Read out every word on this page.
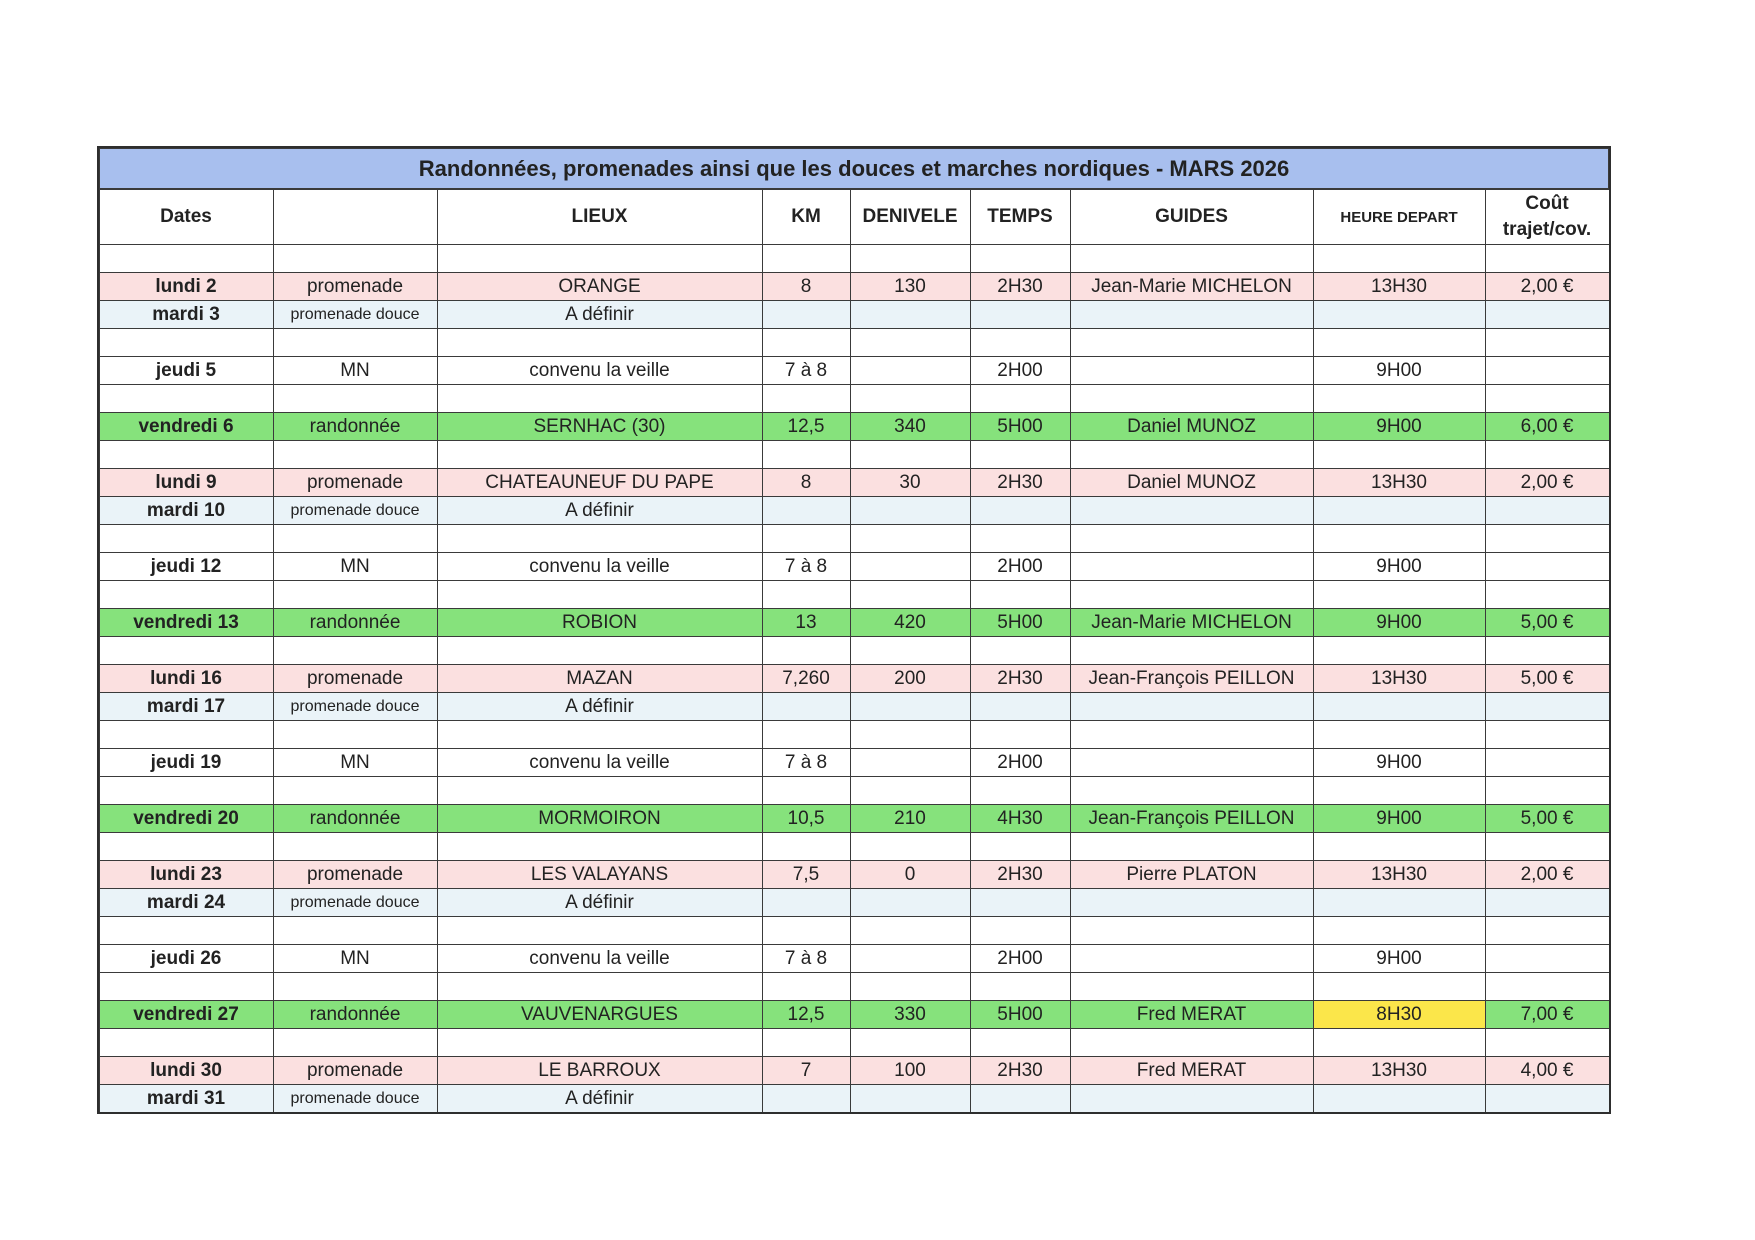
Randonnées, promenades ainsi que les douces et marches nordiques - MARS 2026								
Dates		LIEUX	KM	DENIVELE	TEMPS	GUIDES	HEURE DEPART	Coût
trajet/cov.

lundi 2	promenade	ORANGE	8	130	2H30	Jean-Marie MICHELON	13H30	2,00 €
mardi 3	promenade douce	A définir						

jeudi 5	MN	convenu la veille	7 à 8		2H00		9H00	

vendredi 6	randonnée	SERNHAC (30)	12,5	340	5H00	Daniel MUNOZ	9H00	6,00 €

lundi 9	promenade	CHATEAUNEUF DU PAPE	8	30	2H30	Daniel MUNOZ	13H30	2,00 €
mardi 10	promenade douce	A définir						

jeudi 12	MN	convenu la veille	7 à 8		2H00		9H00	

vendredi 13	randonnée	ROBION	13	420	5H00	Jean-Marie MICHELON	9H00	5,00 €

lundi 16	promenade	MAZAN	7,260	200	2H30	Jean-François PEILLON	13H30	5,00 €
mardi 17	promenade douce	A définir						

jeudi 19	MN	convenu la veille	7 à 8		2H00		9H00	

vendredi 20	randonnée	MORMOIRON	10,5	210	4H30	Jean-François PEILLON	9H00	5,00 €

lundi 23	promenade	LES VALAYANS	7,5	0	2H30	Pierre PLATON	13H30	2,00 €
mardi 24	promenade douce	A définir						

jeudi 26	MN	convenu la veille	7 à 8		2H00		9H00	

vendredi 27	randonnée	VAUVENARGUES	12,5	330	5H00	Fred MERAT	8H30	7,00 €

lundi 30	promenade	LE BARROUX	7	100	2H30	Fred MERAT	13H30	4,00 €
mardi 31	promenade douce	A définir						
